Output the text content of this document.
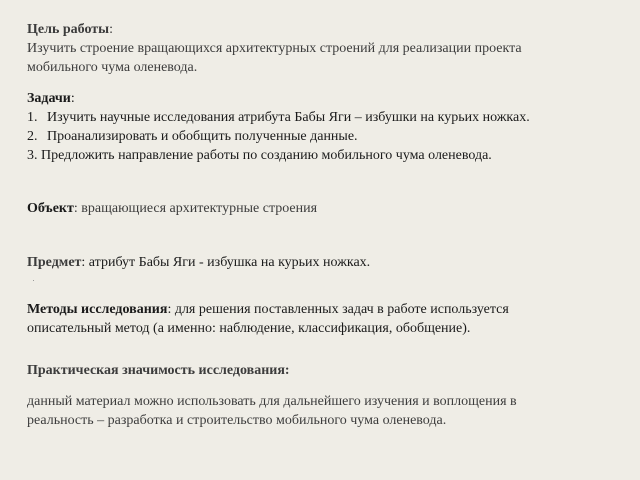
Цель работы:
Изучить строение вращающихся архитектурных строений для реализации проекта
мобильного чума оленевода.
Задачи:
1. Изучить научные исследования атрибута Бабы Яги – избушки на курьих ножках.
2. Проанализировать и обобщить полученные данные.
3. Предложить направление работы по созданию мобильного чума оленевода.
Объект: вращающиеся архитектурные строения
Предмет: атрибут Бабы Яги - избушка на курьих ножках.
Методы исследования: для решения поставленных задач в работе используется
описательный метод (а именно: наблюдение, классификация, обобщение).
Практическая значимость исследования:
данный материал можно использовать для дальнейшего изучения и воплощения в
реальность – разработка и строительство мобильного чума оленевода.
